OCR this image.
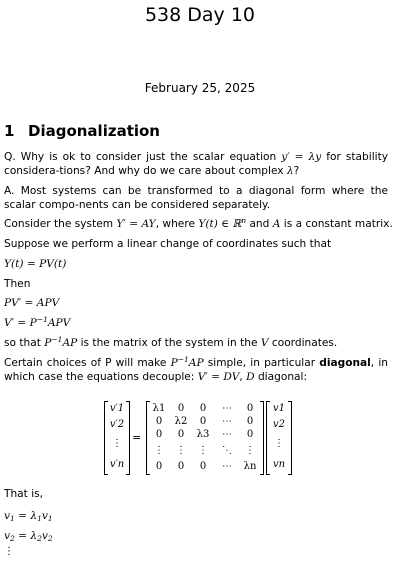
538 Day 10
February 25, 2025
1 Diagonalization

Q. Why is ok to consider just the scalar equation y′ = λy for stability considera-tions? And why do we care about complex λ?

A. Most systems can be transformed to a diagonal form where the scalar compo-nents can be considered separately.

Consider the system Y′ = AY, where Y(t) ∈ ℝ$^n$ and A is a constant matrix.

Suppose we perform a linear change of coordinates such that

Y(t) = PV(t)

Then

PV′ = APV

$V' = P^{-1}APV$

so that $P^{-1}AP$ is the matrix of the system in the V coordinates.

Certain choices of P will make $P^{-1}AP$ simple, in particular diagonal, in which case the equations decouple: V′ = DV, D diagonal:

v′1
v′2
⋮
v′n
=
λ1	0	0	⋯	0
0	λ2	0	⋯	0
0	0	λ3	⋯	0
⋮	⋮	⋮	⋱	⋮
0	0	0	⋯	λn
v1
v2
⋮
vn

That is,

$v_1 = \lambda_1v_1$

$v_2 = \lambda_2v_2$

⋮
